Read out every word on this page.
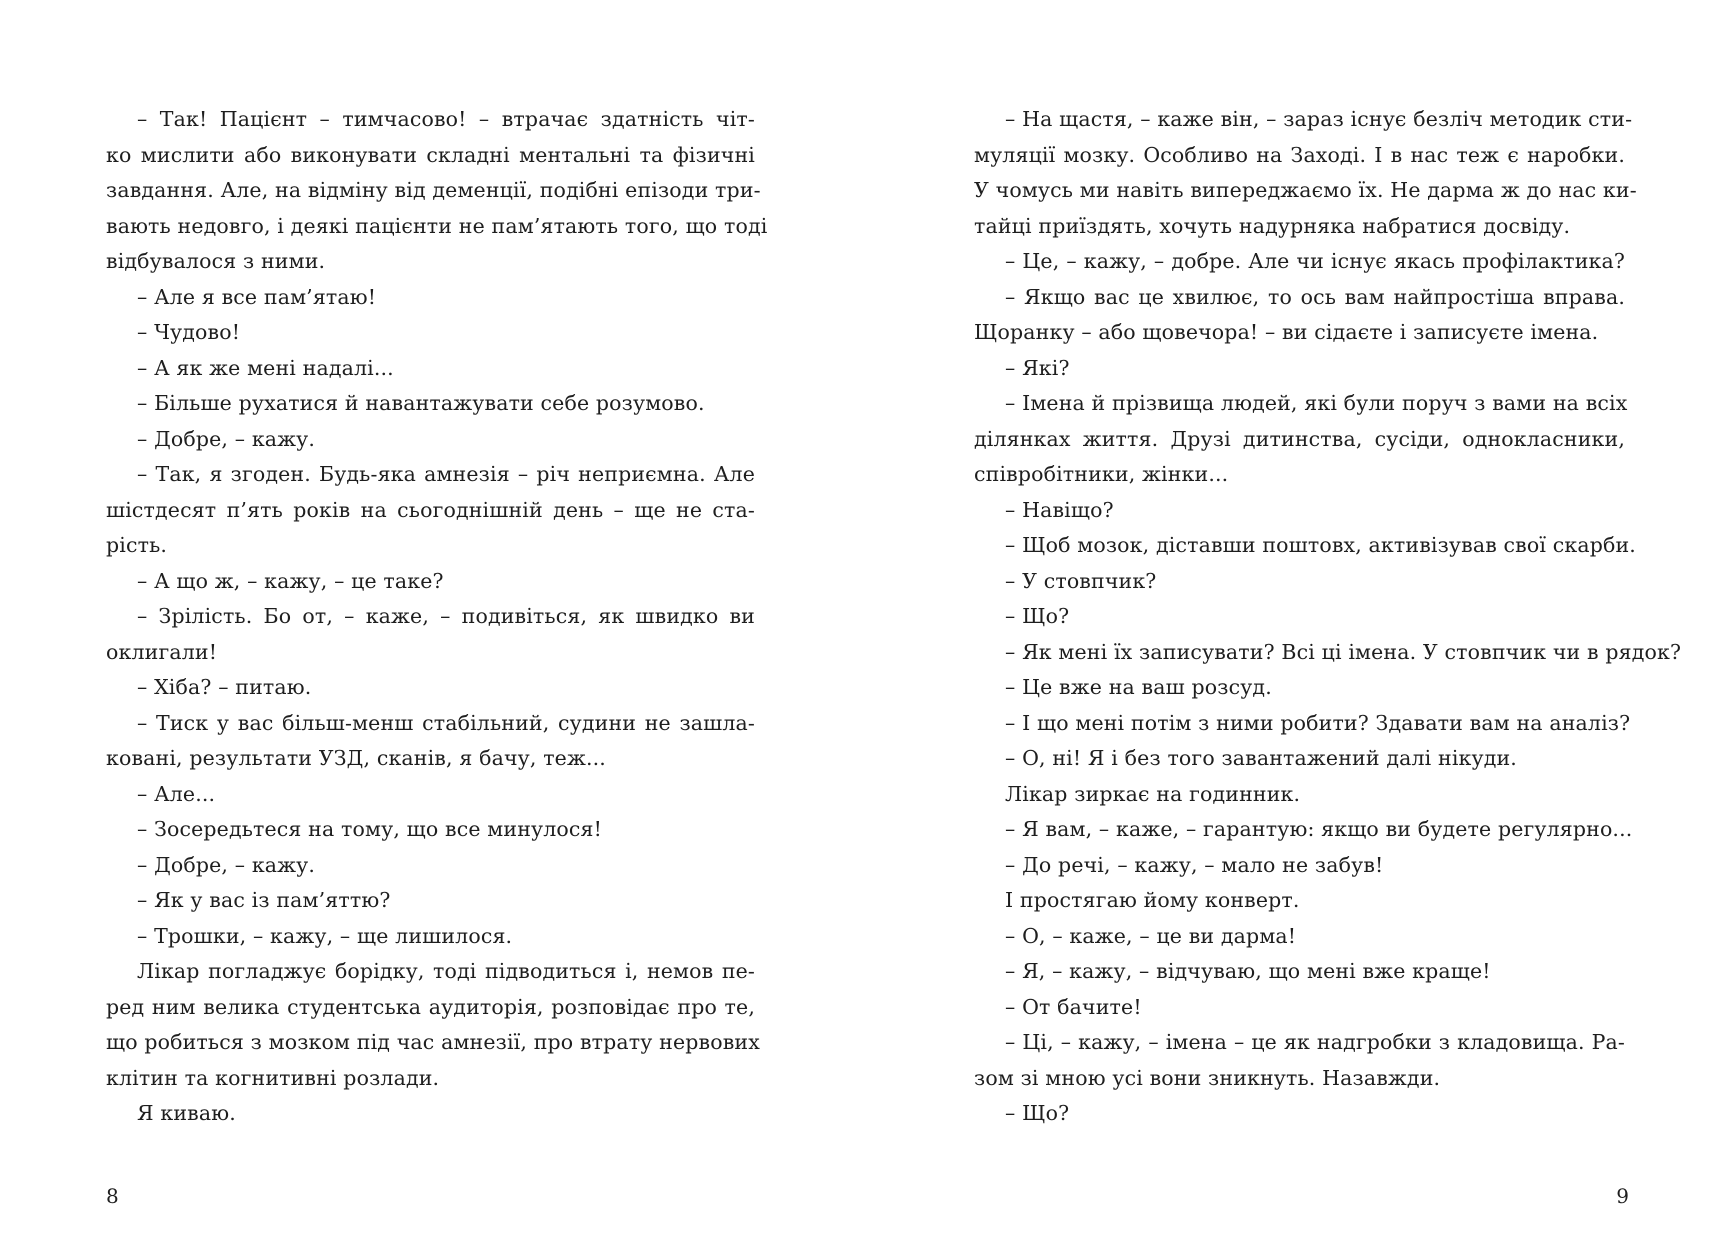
– Так! Пацієнт – тимчасово! – втрачає здатність чіт-
ко мислити або виконувати складні ментальні та фізичні
завдання. Але, на відміну від деменції, подібні епізоди три-
вають недовго, і деякі пацієнти не пам’ятають того, що тоді
відбувалося з ними.
– Але я все пам’ятаю!
– Чудово!
– А як же мені надалі...
– Більше рухатися й навантажувати себе розумово.
– Добре, – кажу.
– Так, я згоден. Будь-яка амнезія – річ неприємна. Але
шістдесят п’ять років на сьогоднішній день – ще не ста-
рість.
– А що ж, – кажу, – це таке?
– Зрілість. Бо от, – каже, – подивіться, як швидко ви
оклигали!
– Хіба? – питаю.
– Тиск у вас більш-менш стабільний, судини не зашла-
ковані, результати УЗД, сканів, я бачу, теж...
– Але...
– Зосередьтеся на тому, що все минулося!
– Добре, – кажу.
– Як у вас із пам’яттю?
– Трошки, – кажу, – ще лишилося.
Лікар погладжує борідку, тоді підводиться і, немов пе-
ред ним велика студентська аудиторія, розповідає про те,
що робиться з мозком під час амнезії, про втрату нервових
клітин та когнитивні розлади.
Я киваю.
8
– На щастя, – каже він, – зараз існує безліч методик сти-
муляції мозку. Особливо на Заході. І в нас теж є наробки.
У чомусь ми навіть випереджаємо їх. Не дарма ж до нас ки-
тайці приїздять, хочуть надурняка набратися досвіду.
– Це, – кажу, – добре. Але чи існує якась профілактика?
– Якщо вас це хвилює, то ось вам найпростіша вправа.
Щоранку – або щовечора! – ви сідаєте і записуєте імена.
– Які?
– Імена й прізвища людей, які були поруч з вами на всіх
ділянках життя. Друзі дитинства, сусіди, однокласники,
співробітники, жінки...
– Навіщо?
– Щоб мозок, діставши поштовх, активізував свої скарби.
– У стовпчик?
– Що?
– Як мені їх записувати? Всі ці імена. У стовпчик чи в рядок?
– Це вже на ваш розсуд.
– І що мені потім з ними робити? Здавати вам на аналіз?
– О, ні! Я і без того завантажений далі нікуди.
Лікар зиркає на годинник.
– Я вам, – каже, – гарантую: якщо ви будете регулярно...
– До речі, – кажу, – мало не забув!
І простягаю йому конверт.
– О, – каже, – це ви дарма!
– Я, – кажу, – відчуваю, що мені вже краще!
– От бачите!
– Ці, – кажу, – імена – це як надгробки з кладовища. Ра-
зом зі мною усі вони зникнуть. Назавжди.
– Що?
9
